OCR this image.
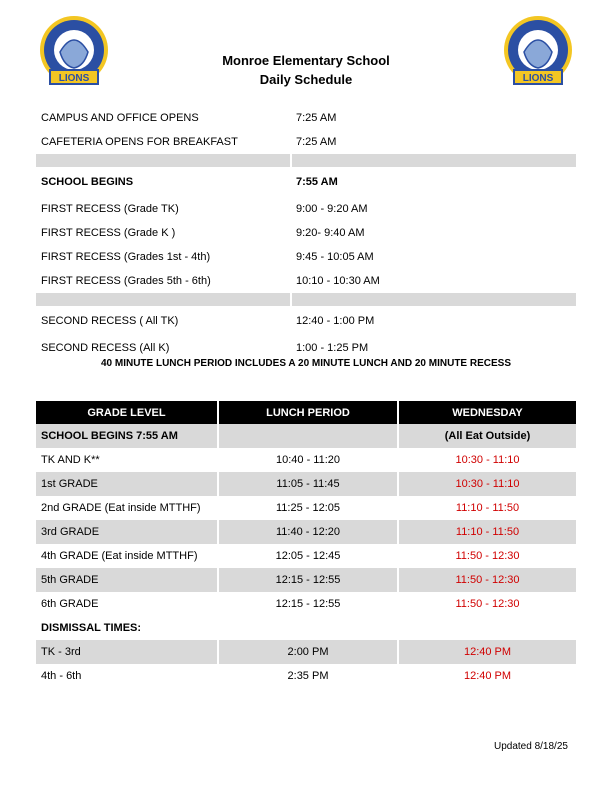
LIONS	LIONS
Monroe Elementary School
Daily Schedule
CAMPUS AND OFFICE OPENS	7:25 AM
CAFETERIA OPENS FOR BREAKFAST	7:25 AM

SCHOOL BEGINS	7:55 AM
FIRST RECESS (Grade TK)	9:00 - 9:20 AM
FIRST RECESS (Grade K )	9:20- 9:40 AM
FIRST RECESS (Grades 1st - 4th)	9:45 - 10:05 AM
FIRST RECESS (Grades 5th - 6th)	10:10 - 10:30 AM

SECOND RECESS ( All TK)	12:40 - 1:00 PM
SECOND RECESS (All K)	1:00 - 1:25 PM
40 MINUTE LUNCH PERIOD INCLUDES A 20 MINUTE LUNCH AND 20 MINUTE RECESS
GRADE LEVEL	LUNCH PERIOD	WEDNESDAY
SCHOOL BEGINS 7:55 AM		(All Eat Outside)
TK AND K**	10:40 - 11:20	10:30 - 11:10
1st GRADE	11:05 - 11:45	10:30 - 11:10
2nd GRADE (Eat inside MTTHF)	11:25 - 12:05	11:10 - 11:50
3rd GRADE	11:40 - 12:20	11:10 - 11:50
4th GRADE (Eat inside MTTHF)	12:05 - 12:45	11:50 - 12:30
5th GRADE	12:15 - 12:55	11:50 - 12:30
6th GRADE	12:15 - 12:55	11:50 - 12:30
DISMISSAL TIMES:		
TK - 3rd	2:00 PM	12:40 PM
4th - 6th	2:35 PM	12:40 PM
Updated 8/18/25
